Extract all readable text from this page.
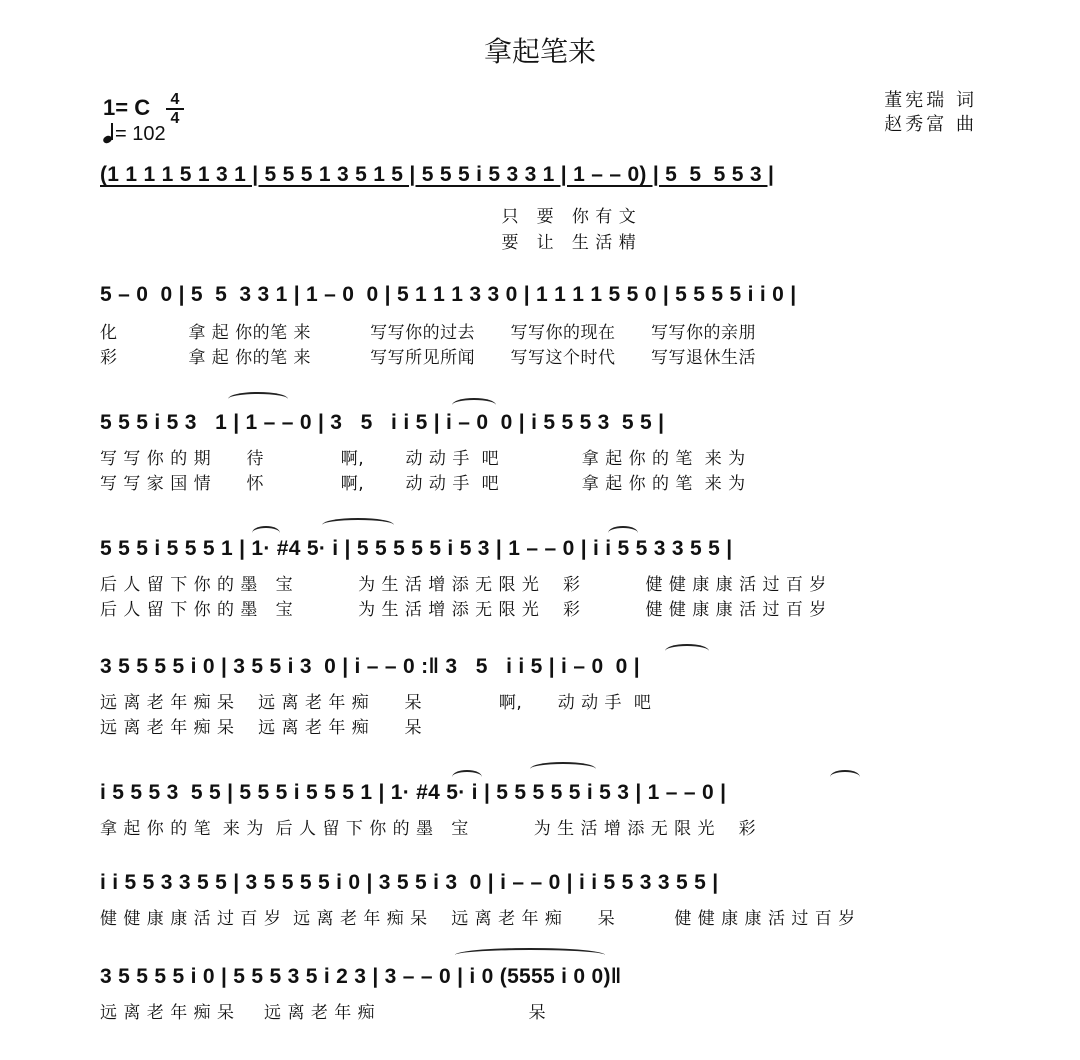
拿起笔来
1= C 4
4
= 102
董宪瑞 词
赵秀富 曲
(1 1 1 1 5 1 3 1 | 5 5 5 1 3 5 1 5 | 5 5 5 i 5 3 3 1 | 1 – – 0) | 5  5  5 5 3 |
只   要   你 有 文
要   让   生 活 精
5 – 0  0 | 5  5  3 3 1 | 1 – 0  0 | 5 1 1 1 3 3 0 | 1 1 1 1 5 5 0 | 5 5 5 5 i i 0 |
化            拿 起 你的笔 来          写写你的过去      写写你的现在      写写你的亲朋
彩            拿 起 你的笔 来          写写所见所闻      写写这个时代      写写退休生活
5 5 5 i 5 3   1 | 1 – – 0 | 3   5   i i 5 | i – 0  0 | i 5 5 5 3  5 5 |
写 写 你 的 期      待             啊,       动 动 手  吧              拿 起 你 的 笔  来 为
写 写 家 国 情      怀             啊,       动 动 手  吧              拿 起 你 的 笔  来 为
5 5 5 i 5 5 5 1 | 1· #4 5· i | 5 5 5 5 5 i 5 3 | 1 – – 0 | i i 5 5 3 3 5 5 |
后 人 留 下 你 的 墨   宝           为 生 活 增 添 无 限 光    彩           健 健 康 康 活 过 百 岁
后 人 留 下 你 的 墨   宝           为 生 活 增 添 无 限 光    彩           健 健 康 康 活 过 百 岁
3 5 5 5 5 i 0 | 3 5 5 i 3  0 | i – – 0 :‖ 3   5   i i 5 | i – 0  0 |
远 离 老 年 痴 呆    远 离 老 年 痴      呆             啊,      动 动 手  吧
远 离 老 年 痴 呆    远 离 老 年 痴      呆
i 5 5 5 3  5 5 | 5 5 5 i 5 5 5 1 | 1· #4 5· i | 5 5 5 5 5 i 5 3 | 1 – – 0 |
拿 起 你 的 笔  来 为  后 人 留 下 你 的 墨   宝           为 生 活 增 添 无 限 光    彩
i i 5 5 3 3 5 5 | 3 5 5 5 5 i 0 | 3 5 5 i 3  0 | i – – 0 | i i 5 5 3 3 5 5 |
健 健 康 康 活 过 百 岁  远 离 老 年 痴 呆    远 离 老 年 痴      呆          健 健 康 康 活 过 百 岁
3 5 5 5 5 i 0 | 5 5 5 3 5 i 2 3 | 3 – – 0 | i 0 (5555 i 0 0)‖
远 离 老 年 痴 呆     远 离 老 年 痴                          呆
